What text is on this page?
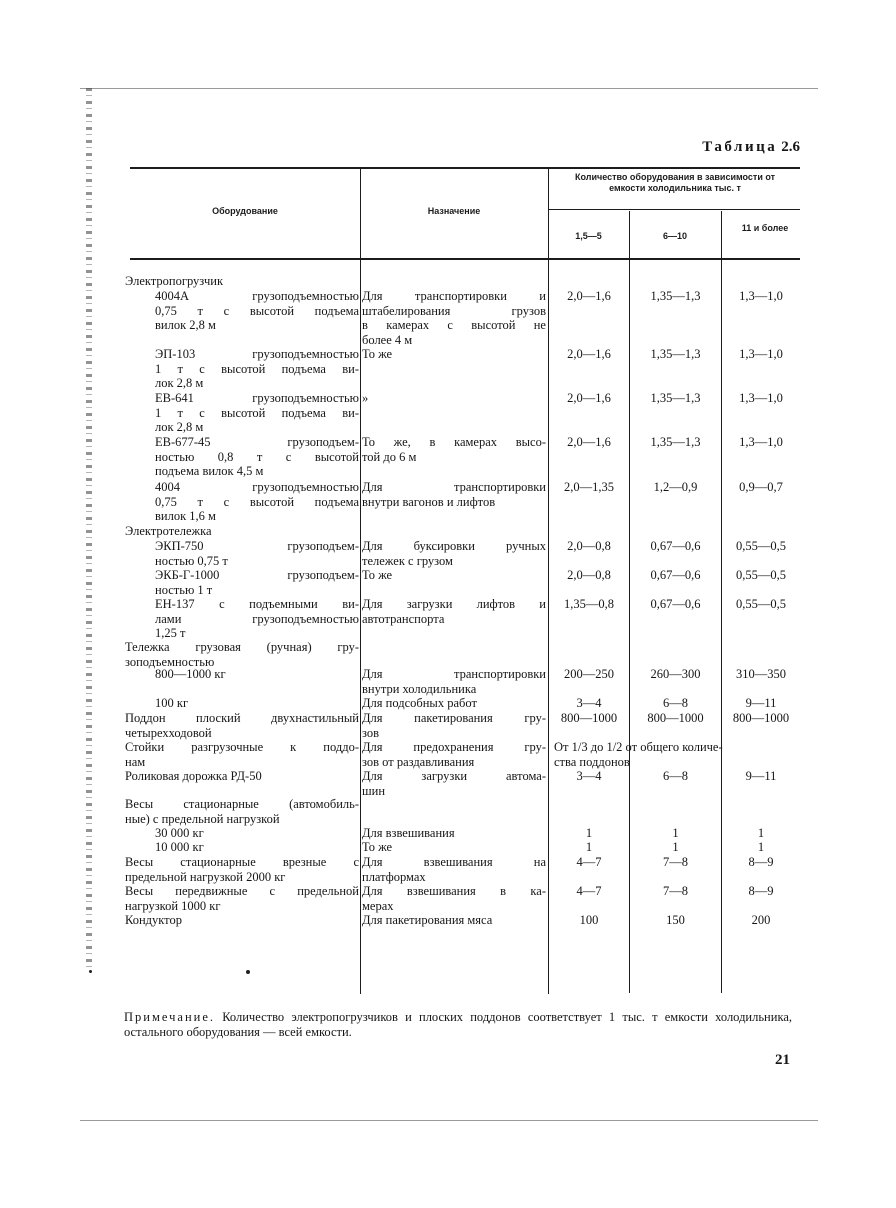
Таблица 2.6
Оборудование	Назначение
Количество оборудования в зависимости от емкости холодильника тыс. т
1,5—5	6—10
11 и более
Электропогрузчик
4004А грузоподъемностью
0,75 т с высотой подъема
вилок 2,8 м
Для транспортировки и
штабелирования грузов
в камерах с высотой не
более 4 м
2,0—1,6	1,35—1,3	1,3—1,0
ЭП-103 грузоподъемностью
1 т с высотой подъема ви-
лок 2,8 м
То же	2,0—1,6	1,35—1,3	1,3—1,0
ЕВ-641 грузоподъемностью
1 т с высотой подъема ви-
лок 2,8 м
»	2,0—1,6	1,35—1,3	1,3—1,0
ЕВ-677-45 грузоподъем-
ностью 0,8 т с высотой
подъема вилок 4,5 м
То же, в камерах высо-
той до 6 м
2,0—1,6	1,35—1,3	1,3—1,0
4004 грузоподъемностью
0,75 т с высотой подъема
вилок 1,6 м
Для транспортировки
внутри вагонов и лифтов
2,0—1,35	1,2—0,9	0,9—0,7
Электротележка
ЭКП-750 грузоподъем-
ностью 0,75 т
Для буксировки ручных
тележек с грузом
2,0—0,8	0,67—0,6	0,55—0,5
ЭКБ-Г-1000 грузоподъем-
ностью 1 т
То же	2,0—0,8	0,67—0,6	0,55—0,5
ЕН-137 с подъемными ви-
лами грузоподъемностью
1,25 т
Для загрузки лифтов и
автотранспорта
1,35—0,8	0,67—0,6	0,55—0,5
Тележка грузовая (ручная) гру-
зоподъемностью
800—1000 кг	Для транспортировки
внутри холодильника
200—250	260—300	310—350
100 кг	Для подсобных работ	3—4	6—8	9—11
Поддон плоский двухнастильный
четырехходовой
Для пакетирования гру-
зов
800—1000	800—1000	800—1000
Стойки разгрузочные к поддо-
нам
Для предохранения гру-
зов от раздавливания
От 1/3 до 1/2 от общего количе-
ства поддонов
Роликовая дорожка РД-50	Для загрузки автома-
шин
3—4	6—8	9—11
Весы стационарные (автомобиль-
ные) с предельной нагрузкой
30 000 кг	Для взвешивания	1	1	1
10 000 кг	То же	1	1	1
Весы стационарные врезные с
предельной нагрузкой 2000 кг
Для взвешивания на
платформах
4—7	7—8	8—9
Весы передвижные с предельной
нагрузкой 1000 кг
Для взвешивания в ка-
мерах
4—7	7—8	8—9
Кондуктор	Для пакетирования мяса	100	150	200
Примечание. Количество электропогрузчиков и плоских поддонов соответствует 1 тыс. т емкости холодильника, остального оборудования — всей емкости.
21
